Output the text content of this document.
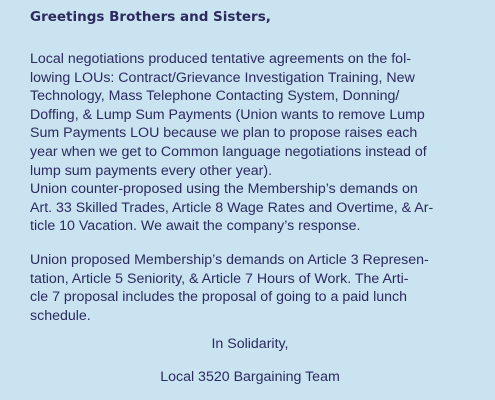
Greetings Brothers and Sisters,

Local negotiations produced tentative agreements on the fol-
lowing LOUs: Contract/Grievance Investigation Training, New
Technology, Mass Telephone Contacting System, Donning/
Doffing, & Lump Sum Payments (Union wants to remove Lump
Sum Payments LOU because we plan to propose raises each
year when we get to Common language negotiations instead of
lump sum payments every other year).

Union counter-proposed using the Membership’s demands on
Art. 33 Skilled Trades, Article 8 Wage Rates and Overtime, & Ar-
ticle 10 Vacation. We await the company’s response.

Union proposed Membership’s demands on Article 3 Represen-
tation, Article 5 Seniority, & Article 7 Hours of Work. The Arti-
cle 7 proposal includes the proposal of going to a paid lunch
schedule.

In Solidarity,

Local 3520 Bargaining Team
